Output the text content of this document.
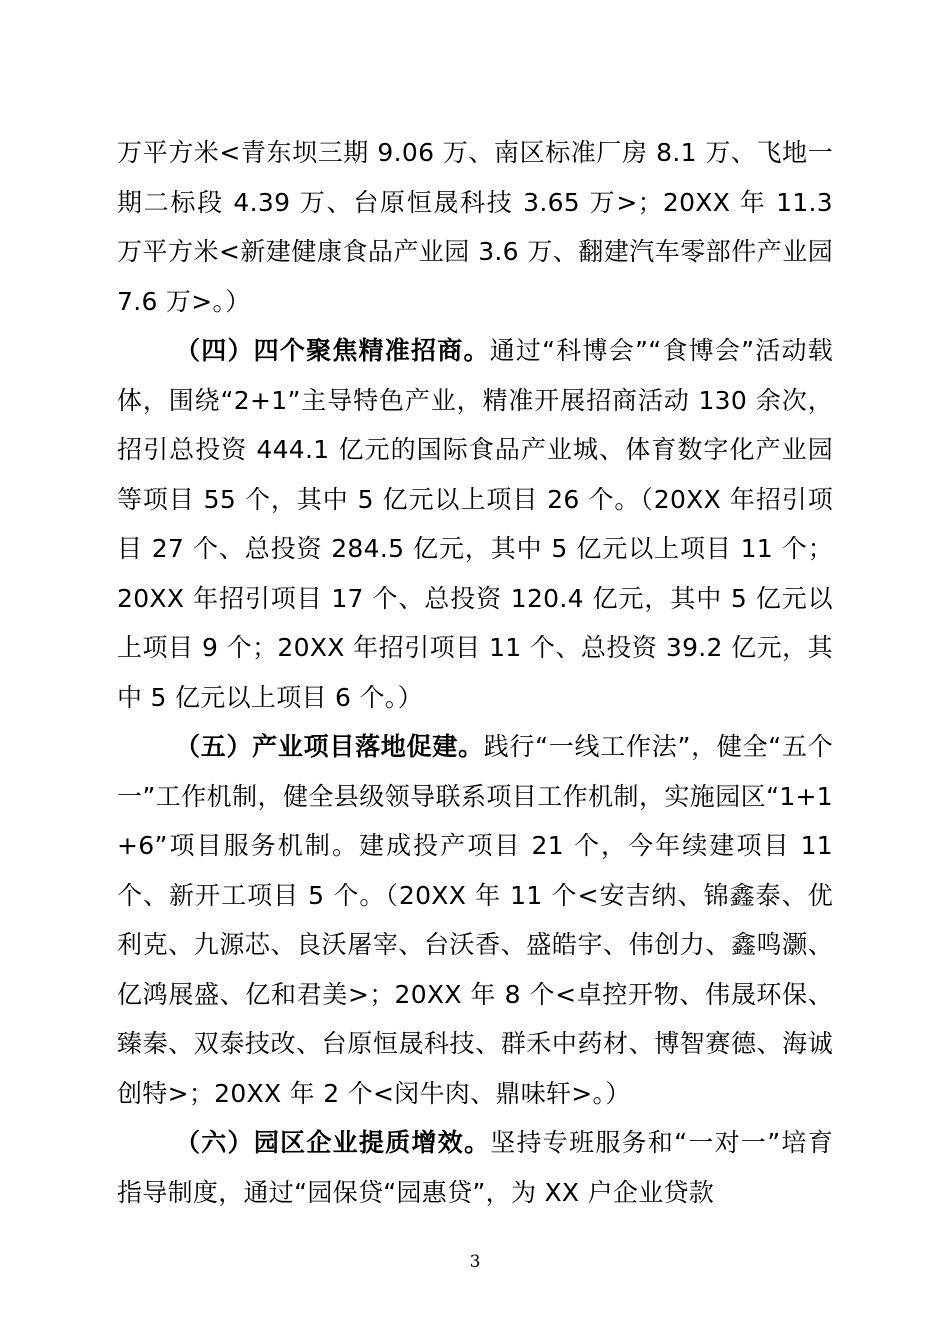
万平方米<青东坝三期 9.06 万、南区标准厂房 8.1 万、飞地一期二标段 4.39 万、台原恒晟科技 3.65 万>；20XX 年 11.3 万平方米<新建健康食品产业园 3.6 万、翻建汽车零部件产业园 7.6 万>。）

（四）四个聚焦精准招商。通过“科博会”“食博会”活动载体，围绕“2+1”主导特色产业，精准开展招商活动 130 余次，招引总投资 444.1 亿元的国际食品产业城、体育数字化产业园等项目 55 个，其中 5 亿元以上项目 26 个。（20XX 年招引项目 27 个、总投资 284.5 亿元，其中 5 亿元以上项目 11 个；20XX 年招引项目 17 个、总投资 120.4 亿元，其中 5 亿元以上项目 9 个；20XX 年招引项目 11 个、总投资 39.2 亿元，其中 5 亿元以上项目 6 个。）

（五）产业项目落地促建。践行“一线工作法”，健全“五个一”工作机制，健全县级领导联系项目工作机制，实施园区“1+1+6”项目服务机制。建成投产项目 21 个，今年续建项目 11 个、新开工项目 5 个。（20XX 年 11 个<安吉纳、锦鑫泰、优利克、九源芯、良沃屠宰、台沃香、盛皓宇、伟创力、鑫鸣灏、亿鸿展盛、亿和君美>；20XX 年 8 个<卓控开物、伟晟环保、臻秦、双泰技改、台原恒晟科技、群禾中药材、博智赛德、海诚创特>；20XX 年 2 个<闵牛肉、鼎味轩>。）

（六）园区企业提质增效。坚持专班服务和“一对一”培育指导制度，通过“园保贷“园惠贷”，为 XX 户企业贷款

3
